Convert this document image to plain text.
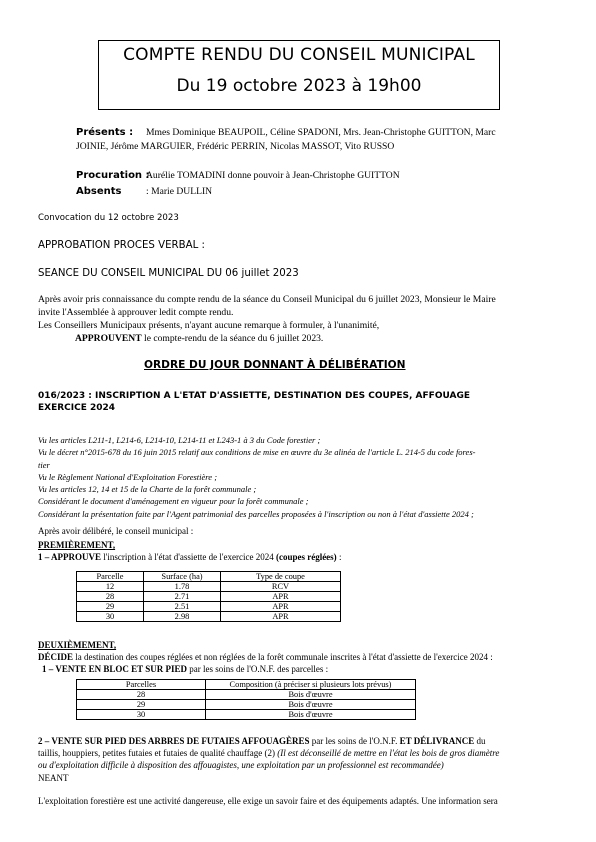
COMPTE RENDU DU CONSEIL MUNICIPAL
Du 19 octobre 2023 à 19h00
Présents : Mmes Dominique BEAUPOIL, Céline SPADONI, Mrs. Jean-Christophe GUITTON, Marc
JOINIE, Jérôme MARGUIER, Frédéric PERRIN, Nicolas MASSOT, Vito RUSSO
Procuration :
Aurélie TOMADINI donne pouvoir à Jean-Christophe GUITTON
Absents	: Marie DULLIN
Convocation du 12 octobre 2023
APPROBATION PROCES VERBAL :
SEANCE DU CONSEIL MUNICIPAL DU 06 juillet 2023
Après avoir pris connaissance du compte rendu de la séance du Conseil Municipal du 6 juillet 2023, Monsieur le Maire
invite l'Assemblée à approuver ledit compte rendu.
Les Conseillers Municipaux présents, n'ayant aucune remarque à formuler, à l'unanimité,
APPROUVENT le compte-rendu de la séance du 6 juillet 2023.
ORDRE DU JOUR DONNANT À DÉLIBÉRATION
016/2023 : INSCRIPTION A L'ETAT D'ASSIETTE, DESTINATION DES COUPES, AFFOUAGE
EXERCICE 2024
Vu les articles L211-1, L214-6, L214-10, L214-11 et L243-1 à 3 du Code forestier ;
Vu le décret n°2015-678 du 16 juin 2015 relatif aux conditions de mise en œuvre du 3e alinéa de l'article L. 214-5 du code fores-
tier
Vu le Règlement National d'Exploitation Forestière ;
Vu les articles 12, 14 et 15 de la Charte de la forêt communale ;
Considérant le document d'aménagement en vigueur pour la forêt communale ;
Considérant la présentation faite par l'Agent patrimonial des parcelles proposées à l'inscription ou non à l'état d'assiette 2024 ;
Après avoir délibéré, le conseil municipal :
PREMIÈREMENT,
1 – APPROUVE l'inscription à l'état d'assiette de l'exercice 2024 (coupes réglées) :
Parcelle	Surface (ha)	Type de coupe
12	1.78	RCV
28	2.71	APR
29	2.51	APR
30	2.98	APR
DEUXIÈMEMENT,
DÉCIDE la destination des coupes réglées et non réglées de la forêt communale inscrites à l'état d'assiette de l'exercice 2024 :
1 – VENTE EN BLOC ET SUR PIED par les soins de l'O.N.F. des parcelles :
Parcelles	Composition (à préciser si plusieurs lots prévus)
28	Bois d'œuvre
29	Bois d'œuvre
30	Bois d'œuvre
2 – VENTE SUR PIED DES ARBRES DE FUTAIES AFFOUAGÈRES par les soins de l'O.N.F. ET DÉLIVRANCE du
taillis, houppiers, petites futaies et futaies de qualité chauffage (2) (Il est déconseillé de mettre en l'état les bois de gros diamètre
ou d'exploitation difficile à disposition des affouagistes, une exploitation par un professionnel est recommandée)
NEANT
L'exploitation forestière est une activité dangereuse, elle exige un savoir faire et des équipements adaptés. Une information sera
